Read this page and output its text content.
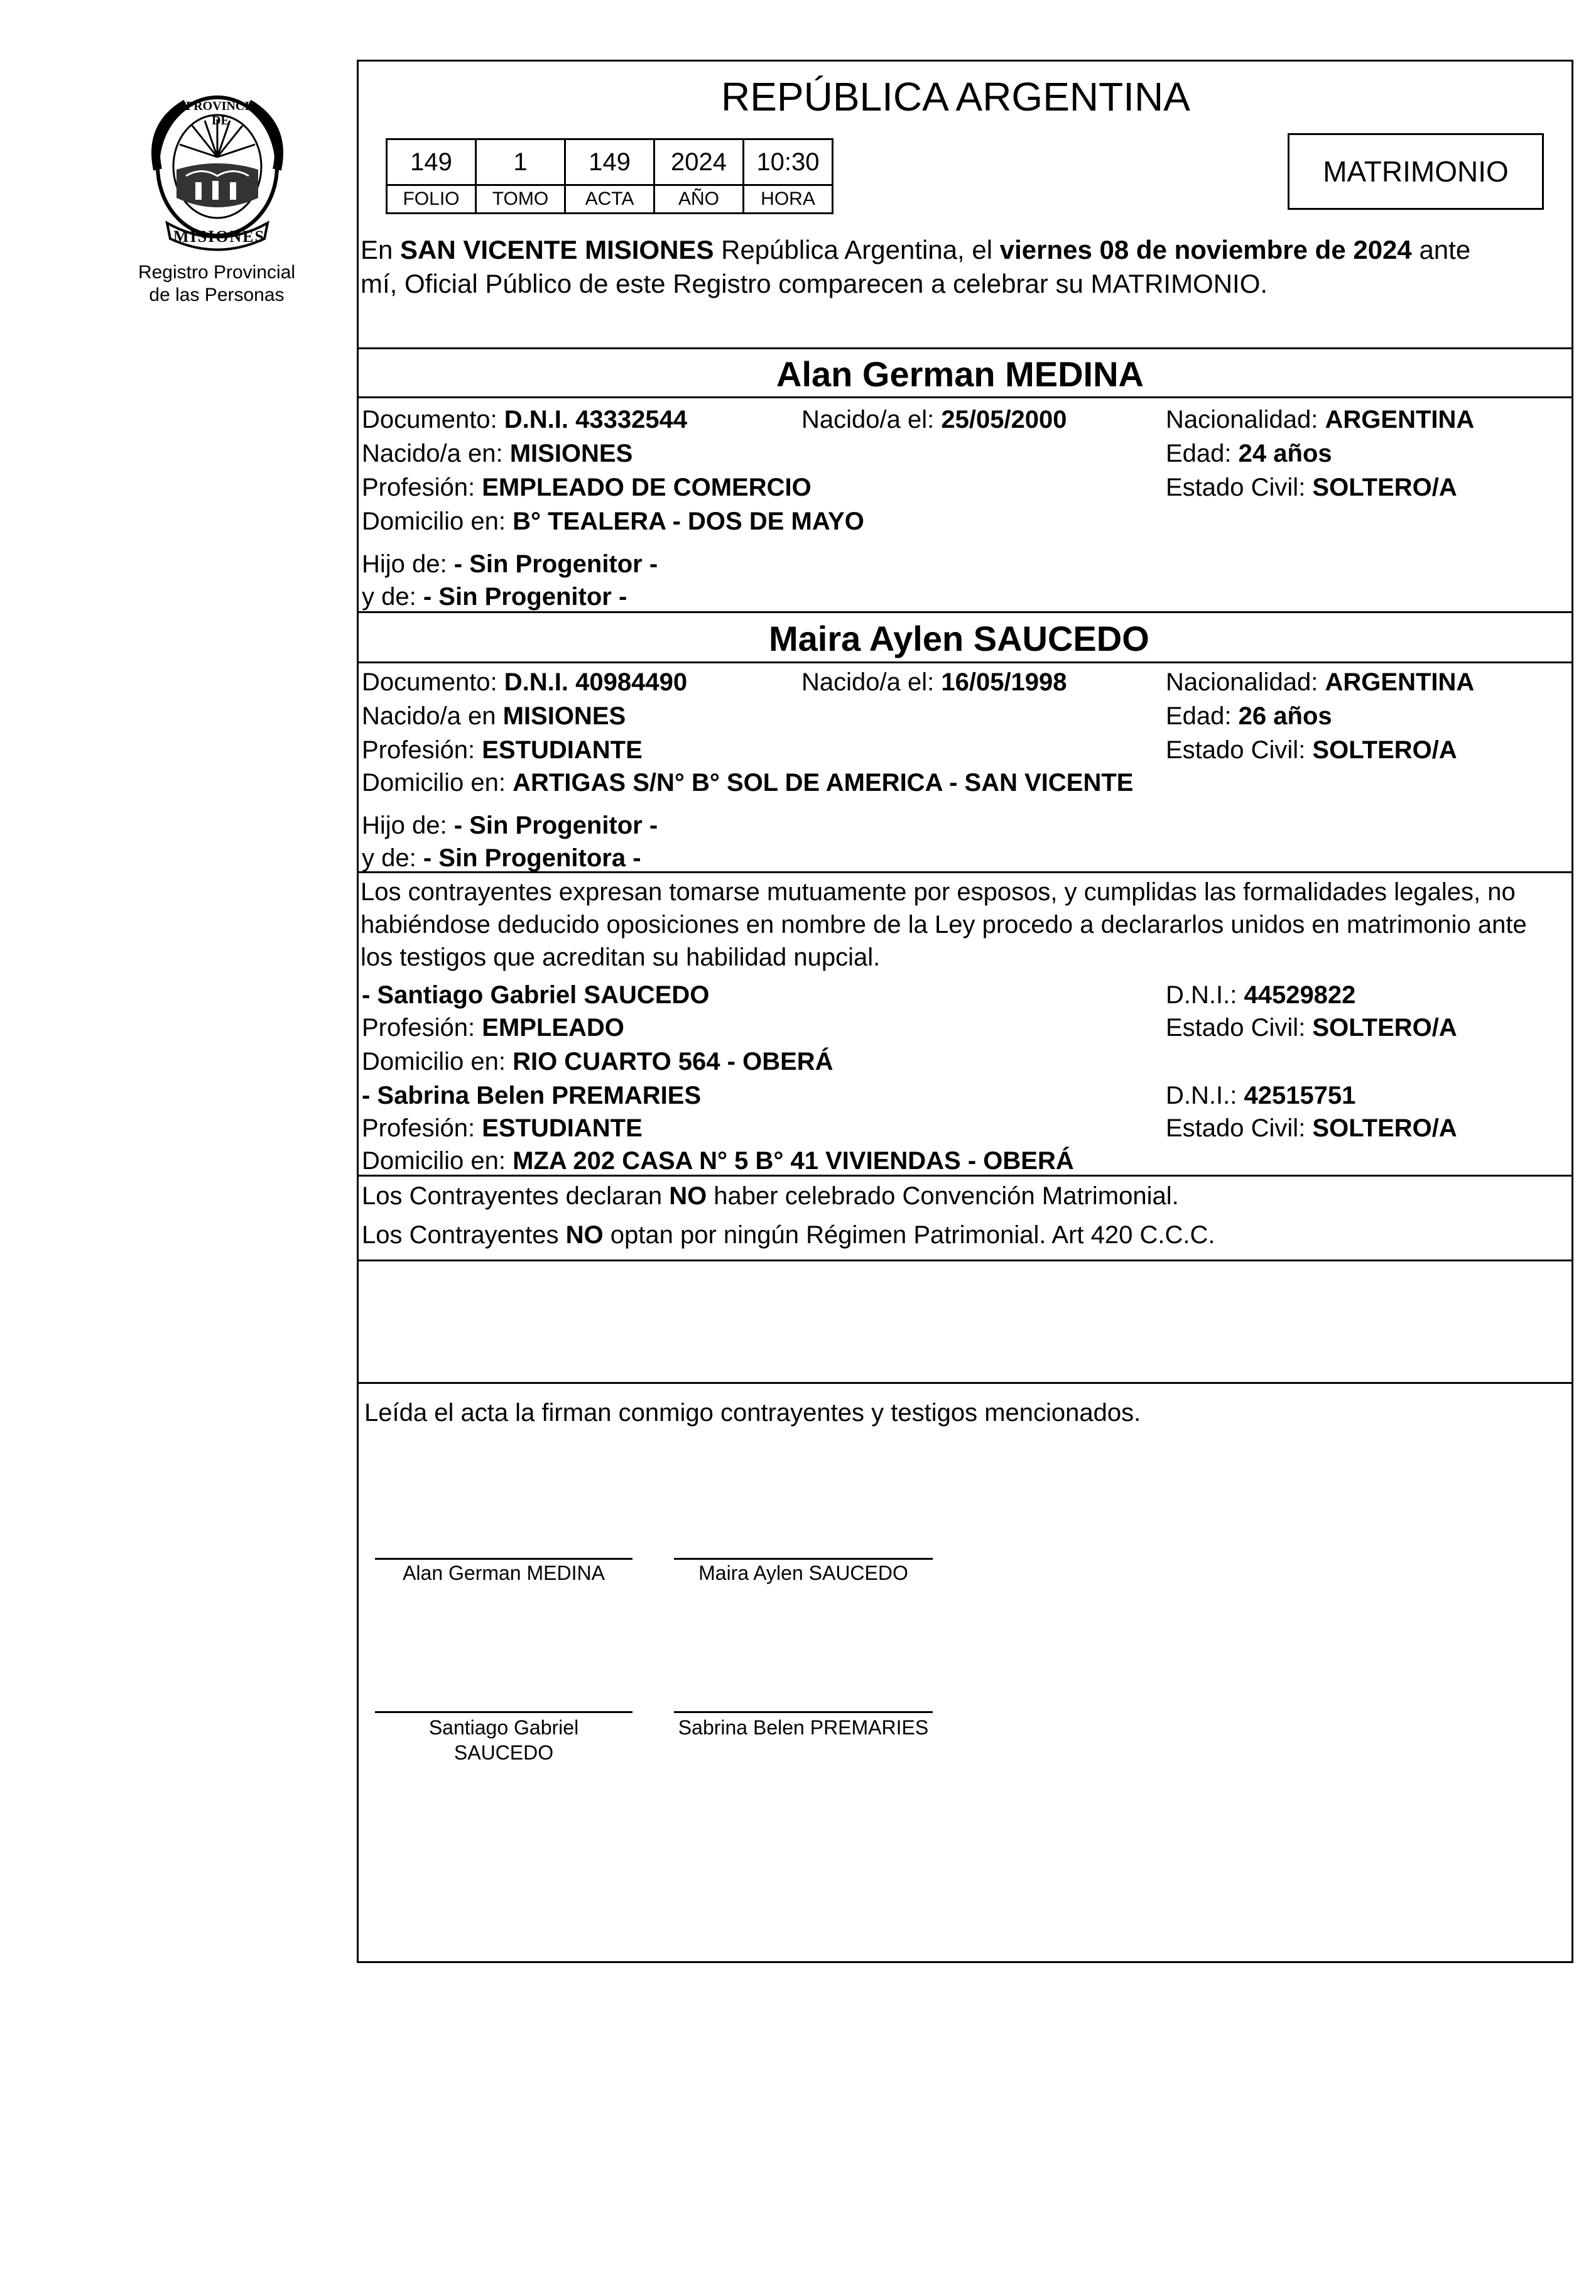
PROVINCIA DE
MISIONES
Registro Provincial
de las Personas
REPÚBLICA ARGENTINA
149	1	149	2024	10:30
FOLIO	TOMO	ACTA	AÑO	HORA
MATRIMONIO
En SAN VICENTE MISIONES República Argentina, el viernes 08 de noviembre de 2024 ante
mí, Oficial Público de este Registro comparecen a celebrar su MATRIMONIO.
Alan German MEDINA
Documento: D.N.I. 43332544	Nacido/a el: 25/05/2000	Nacionalidad: ARGENTINA
Nacido/a en: MISIONES	Edad: 24 años
Profesión: EMPLEADO DE COMERCIO	Estado Civil: SOLTERO/A
Domicilio en: B° TEALERA - DOS DE MAYO
Hijo de: - Sin Progenitor -
y de: - Sin Progenitor -
Maira Aylen SAUCEDO
Documento: D.N.I. 40984490	Nacido/a el: 16/05/1998	Nacionalidad: ARGENTINA
Nacido/a en MISIONES	Edad: 26 años
Profesión: ESTUDIANTE	Estado Civil: SOLTERO/A
Domicilio en: ARTIGAS S/N° B° SOL DE AMERICA - SAN VICENTE
Hijo de: - Sin Progenitor -
y de: - Sin Progenitora -
Los contrayentes expresan tomarse mutuamente por esposos, y cumplidas las formalidades legales, no
habiéndose deducido oposiciones en nombre de la Ley procedo a declararlos unidos en matrimonio ante
los testigos que acreditan su habilidad nupcial.
- Santiago Gabriel SAUCEDO	D.N.I.: 44529822
Profesión: EMPLEADO	Estado Civil: SOLTERO/A
Domicilio en: RIO CUARTO 564 - OBERÁ
- Sabrina Belen PREMARIES	D.N.I.: 42515751
Profesión: ESTUDIANTE	Estado Civil: SOLTERO/A
Domicilio en: MZA 202 CASA N° 5 B° 41 VIVIENDAS - OBERÁ
Los Contrayentes declaran NO haber celebrado Convención Matrimonial.
Los Contrayentes NO optan por ningún Régimen Patrimonial. Art 420 C.C.C.
Leída el acta la firman conmigo contrayentes y testigos mencionados.
Alan German MEDINA	Maira Aylen SAUCEDO
Santiago Gabriel
SAUCEDO
Sabrina Belen PREMARIES
